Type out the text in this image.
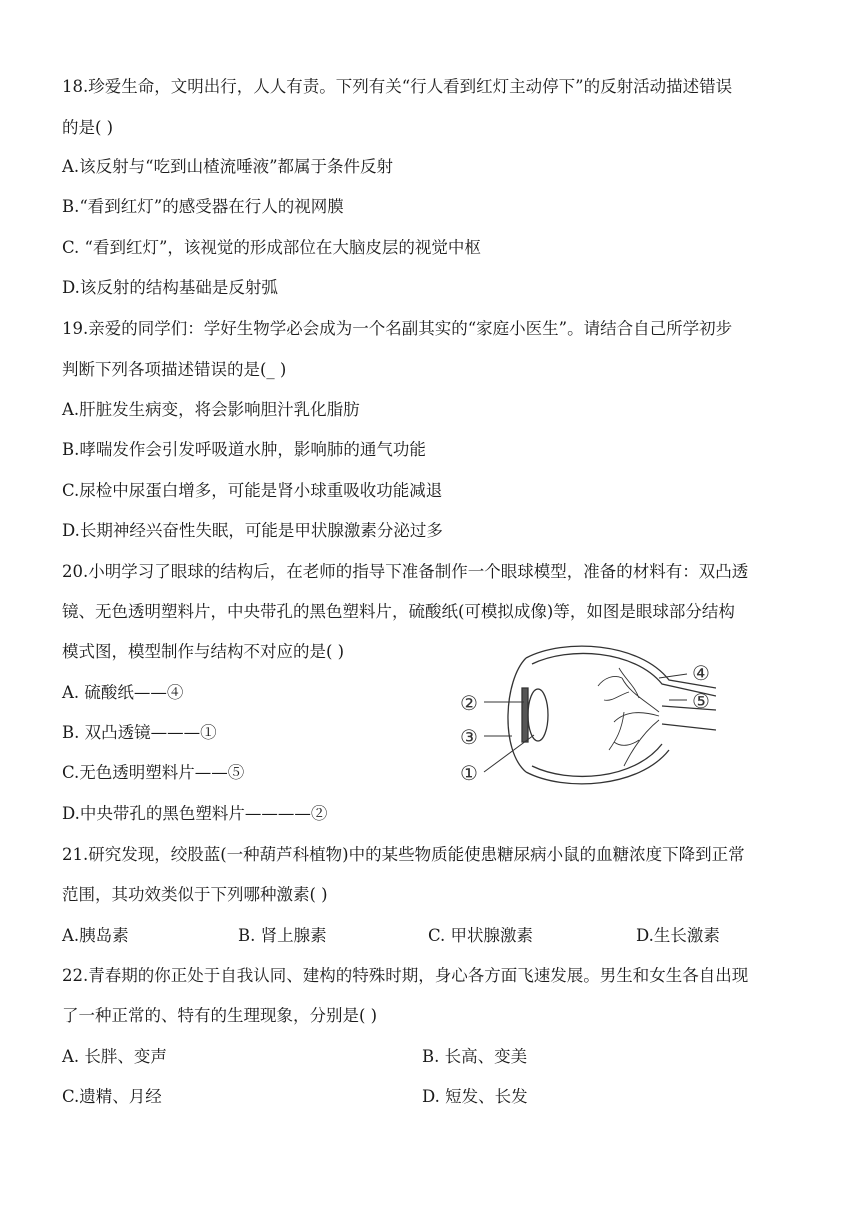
18.珍爱生命，文明出行，人人有责。下列有关“行人看到红灯主动停下”的反射活动描述错误
的是( )
A.该反射与“吃到山楂流唾液”都属于条件反射
B.“看到红灯”的感受器在行人的视网膜
C. “看到红灯”，该视觉的形成部位在大脑皮层的视觉中枢
D.该反射的结构基础是反射弧
19.亲爱的同学们：学好生物学必会成为一个名副其实的“家庭小医生”。请结合自己所学初步
判断下列各项描述错误的是(_ )
A.肝脏发生病变，将会影响胆汁乳化脂肪
B.哮喘发作会引发呼吸道水肿，影响肺的通气功能
C.尿检中尿蛋白增多，可能是肾小球重吸收功能减退
D.长期神经兴奋性失眠，可能是甲状腺激素分泌过多
20.小明学习了眼球的结构后，在老师的指导下准备制作一个眼球模型，准备的材料有：双凸透
镜、无色透明塑料片，中央带孔的黑色塑料片，硫酸纸(可模拟成像)等，如图是眼球部分结构
模式图，模型制作与结构不对应的是( )
A. 硫酸纸——④
B. 双凸透镜———①
C.无色透明塑料片——⑤
D.中央带孔的黑色塑料片————②
④
⑤
②
③
①
21.研究发现，绞股蓝(一种葫芦科植物)中的某些物质能使患糖尿病小鼠的血糖浓度下降到正常
范围，其功效类似于下列哪种激素( )
A.胰岛素	B. 肾上腺素	C. 甲状腺激素	D.生长激素
22.青春期的你正处于自我认同、建构的特殊时期，身心各方面飞速发展。男生和女生各自出现
了一种正常的、特有的生理现象，分别是( )
A. 长胖、变声	B. 长高、变美
C.遗精、月经	D. 短发、长发
